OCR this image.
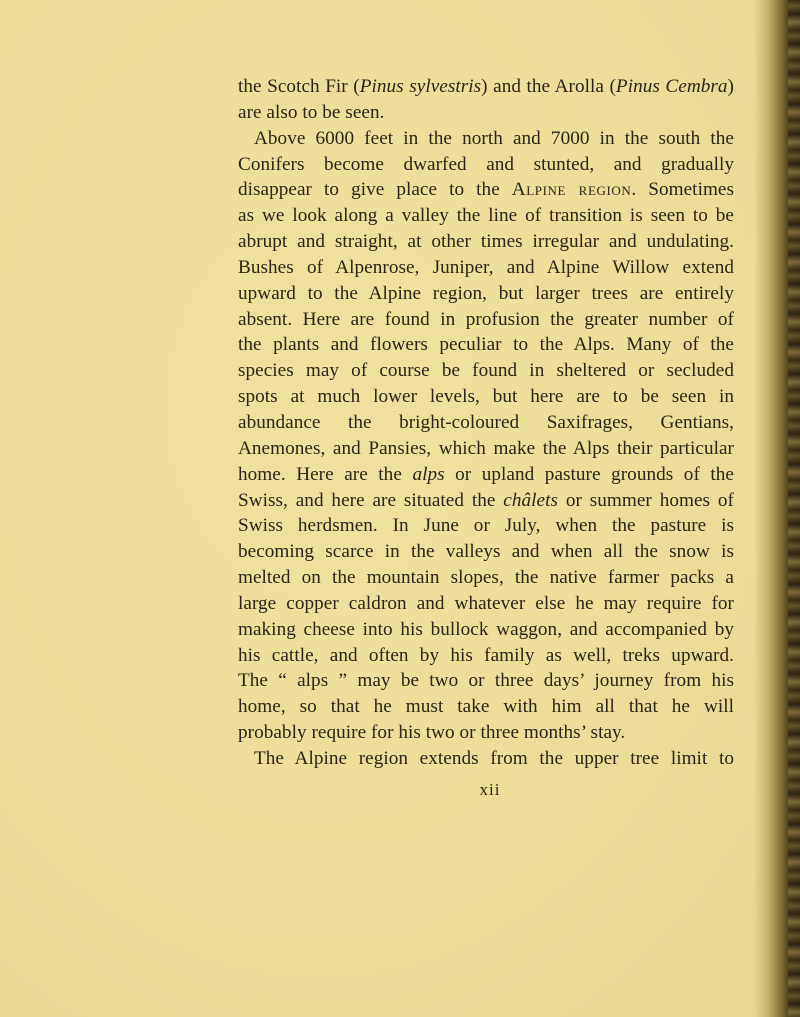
the Scotch Fir (Pinus sylvestris) and the Arolla (Pinus Cembra)
are also to be seen.
Above 6000 feet in the north and 7000 in the south the
Conifers become dwarfed and stunted, and gradually
disappear to give place to the Alpine region. Sometimes
as we look along a valley the line of transition is seen to be
abrupt and straight, at other times irregular and undulating.
Bushes of Alpenrose, Juniper, and Alpine Willow extend
upward to the Alpine region, but larger trees are entirely
absent. Here are found in profusion the greater number of
the plants and flowers peculiar to the Alps. Many of the
species may of course be found in sheltered or secluded
spots at much lower levels, but here are to be seen in
abundance the bright-coloured Saxifrages, Gentians,
Anemones, and Pansies, which make the Alps their particular
home. Here are the alps or upland pasture grounds of the
Swiss, and here are situated the châlets or summer homes of
Swiss herdsmen. In June or July, when the pasture is
becoming scarce in the valleys and when all the snow is
melted on the mountain slopes, the native farmer packs a
large copper caldron and whatever else he may require for
making cheese into his bullock waggon, and accompanied by
his cattle, and often by his family as well, treks upward.
The “ alps ” may be two or three days’ journey from his
home, so that he must take with him all that he will
probably require for his two or three months’ stay.
The Alpine region extends from the upper tree limit to
xii
